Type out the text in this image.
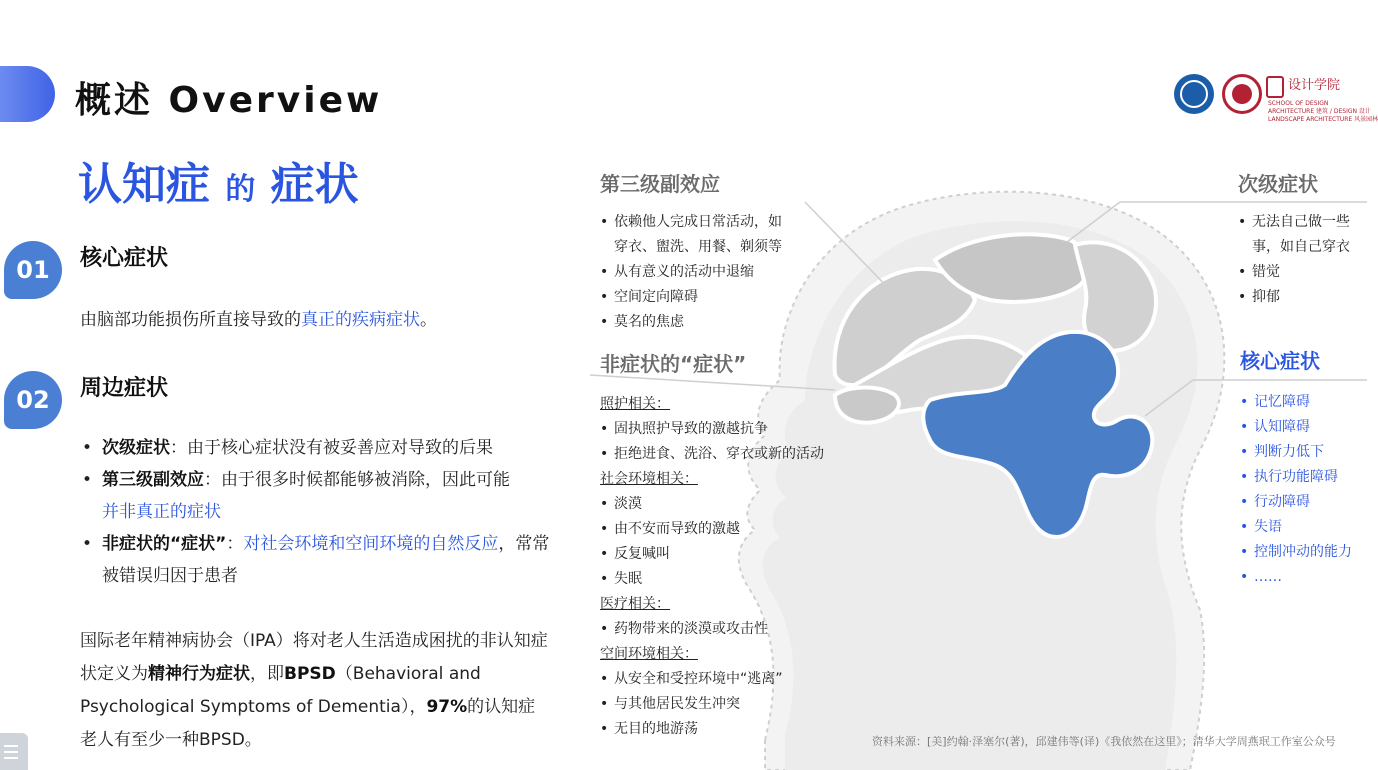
概述 Overview	设计学院
SCHOOL OF DESIGN
ARCHITECTURE 建筑 / DESIGN 设计
LANDSCAPE ARCHITECTURE 风景园林
认知症 的 症状
01	核心症状
由脑部功能损伤所直接导致的真正的疾病症状。
02	周边症状
• 次级症状：由于核心症状没有被妥善应对导致的后果
• 第三级副效应：由于很多时候都能够被消除，因此可能
并非真正的症状
• 非症状的“症状”：对社会环境和空间环境的自然反应，常常被错误归因于患者
国际老年精神病协会（IPA）将对老人生活造成困扰的非认知症状定义为精神行为症状，即BPSD（Behavioral and Psychological Symptoms of Dementia），97%的认知症老人有至少一种BPSD。
第三级副效应	次级症状
核心症状
非症状的“症状”
• 依赖他人完成日常活动，如
穿衣、盥洗、用餐、剃须等
• 从有意义的活动中退缩
• 空间定向障碍
• 莫名的焦虑
• 无法自己做一些
事，如自己穿衣
• 错觉
• 抑郁
• 记忆障碍
• 认知障碍
• 判断力低下
• 执行功能障碍
• 行动障碍
• 失语
• 控制冲动的能力
• ……
照护相关：
• 固执照护导致的激越抗争
• 拒绝进食、洗浴、穿衣或新的活动
社会环境相关：
• 淡漠
• 由不安而导致的激越
• 反复喊叫
• 失眠
医疗相关：
• 药物带来的淡漠或攻击性
空间环境相关：
• 从安全和受控环境中“逃离”
• 与其他居民发生冲突
• 无目的地游荡
资料来源：[美]约翰·泽塞尔(著)，邱建伟等(译)《我依然在这里》；清华大学周燕珉工作室公众号
